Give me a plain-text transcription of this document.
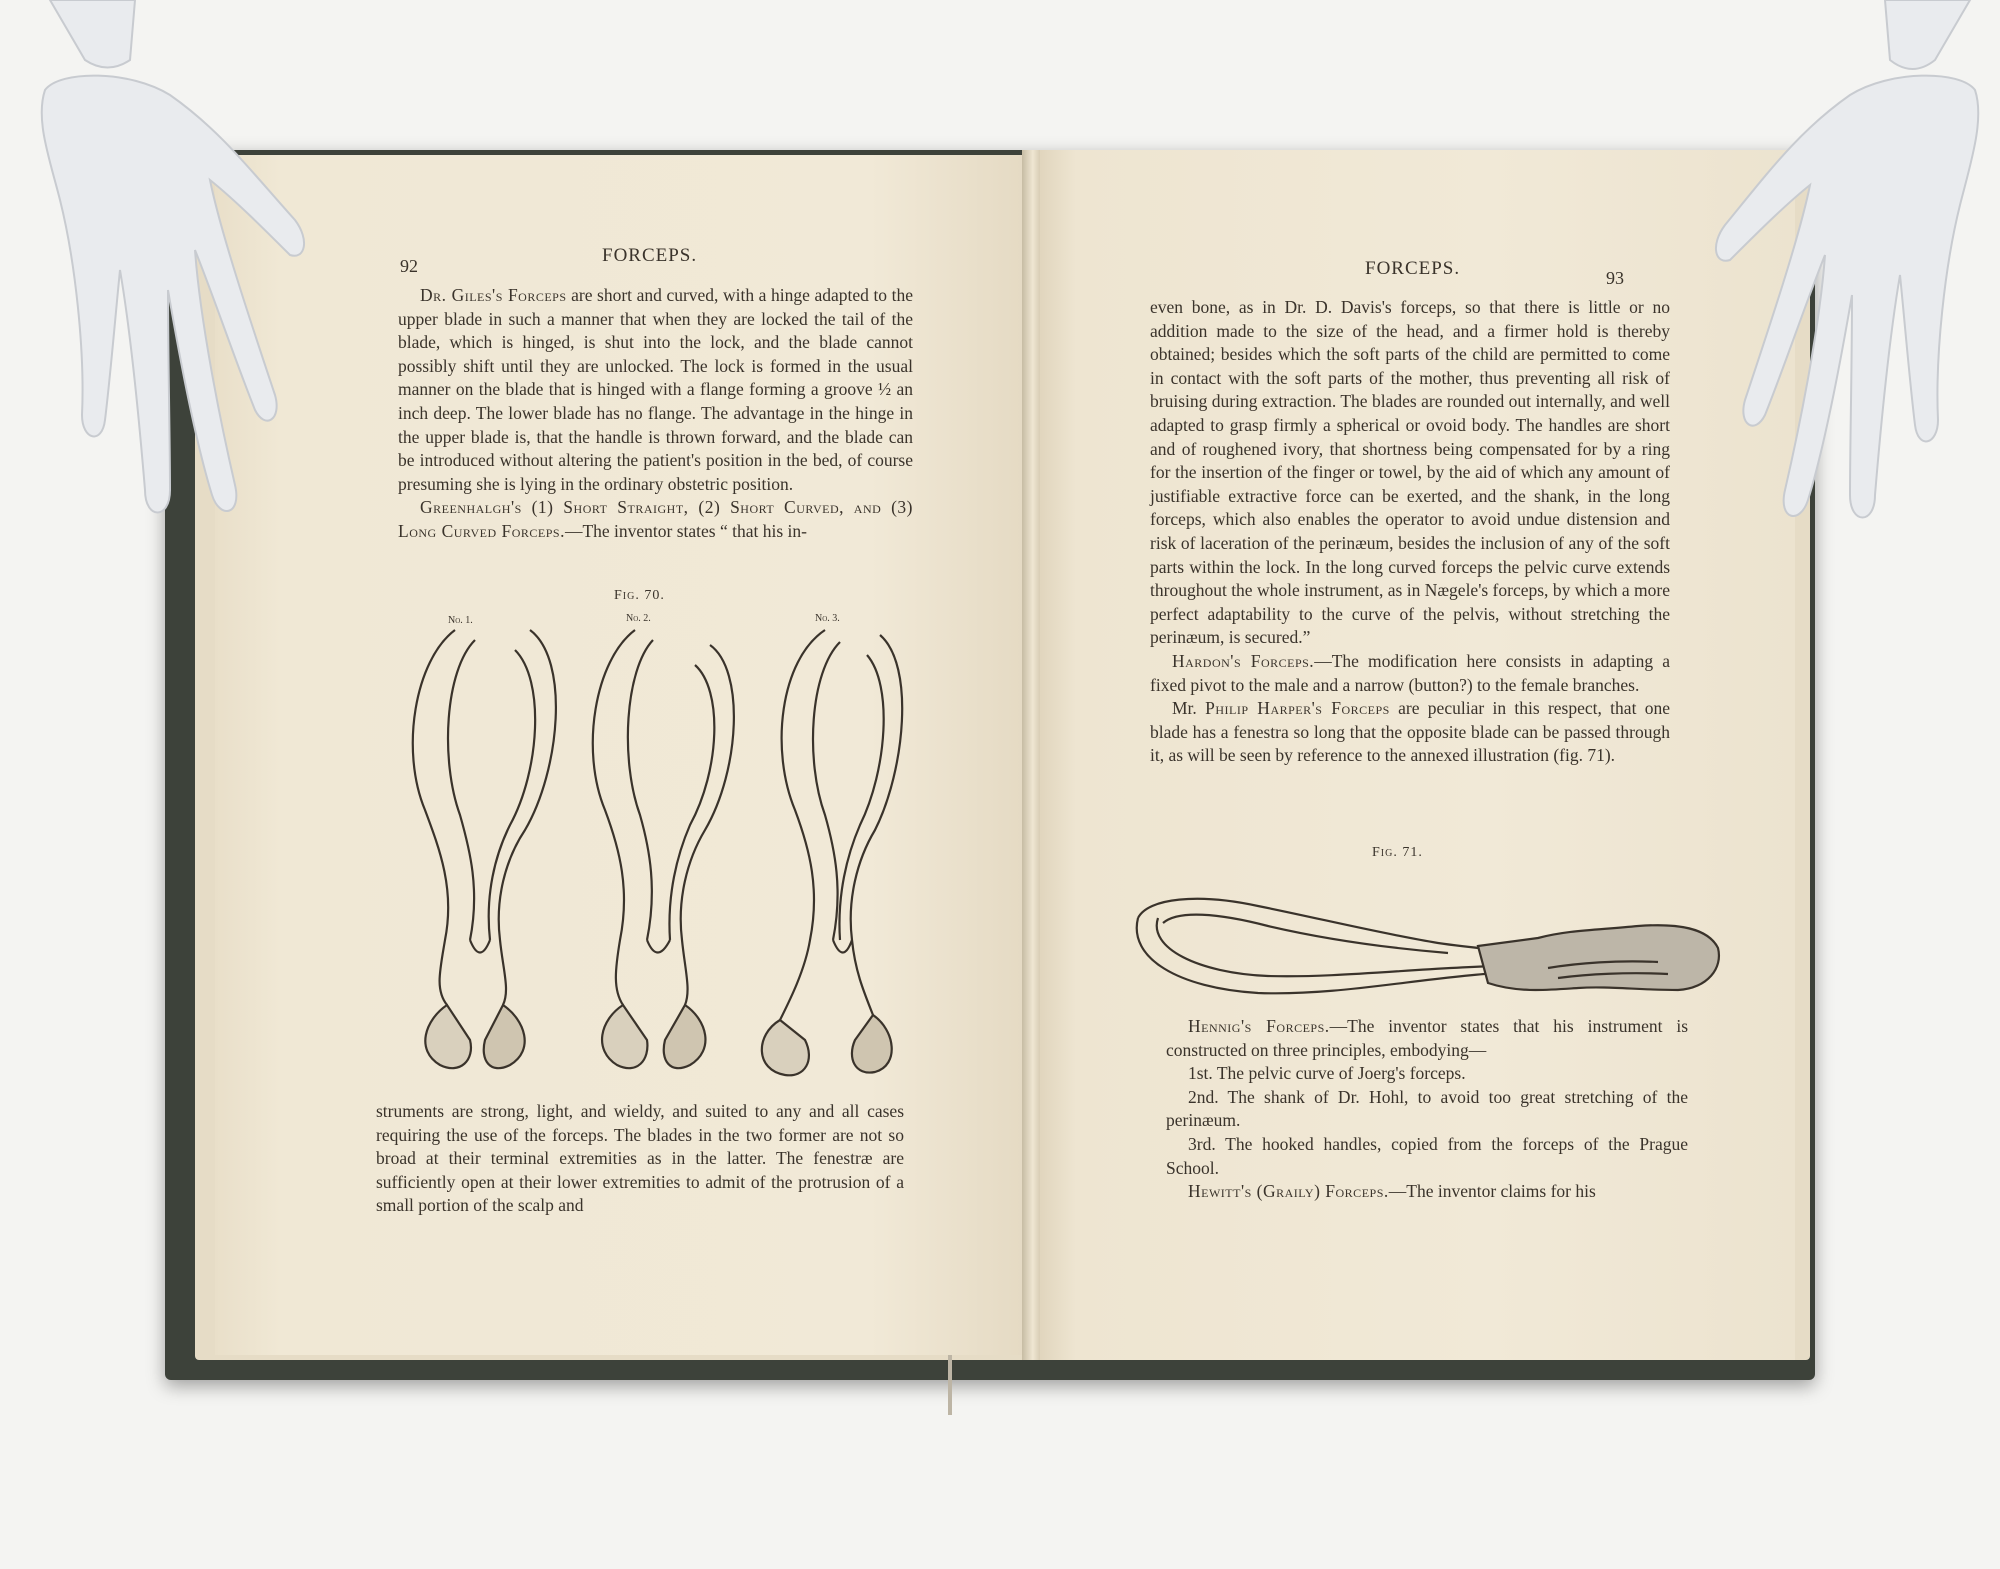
92	FORCEPS.

Dr. Giles's Forceps are short and curved, with a hinge adapted to the upper blade in such a manner that when they are locked the tail of the blade, which is hinged, is shut into the lock, and the blade cannot possibly shift until they are unlocked. The lock is formed in the usual manner on the blade that is hinged with a flange forming a groove ½ an inch deep. The lower blade has no flange. The advantage in the hinge in the upper blade is, that the handle is thrown forward, and the blade can be introduced without altering the patient's position in the bed, of course presuming she is lying in the ordinary obstetric position.

Greenhalgh's (1) Short Straight, (2) Short Curved, and (3) Long Curved Forceps.—The inventor states “ that his in-

Fig. 70.
No. 1.	No. 2.	No. 3.

struments are strong, light, and wieldy, and suited to any and all cases requiring the use of the forceps. The blades in the two former are not so broad at their terminal extremities as in the latter. The fenestræ are sufficiently open at their lower extremities to admit of the protrusion of a small portion of the scalp and

FORCEPS.	93

even bone, as in Dr. D. Davis's forceps, so that there is little or no addition made to the size of the head, and a firmer hold is thereby obtained; besides which the soft parts of the child are permitted to come in contact with the soft parts of the mother, thus preventing all risk of bruising during extraction. The blades are rounded out internally, and well adapted to grasp firmly a spherical or ovoid body. The handles are short and of roughened ivory, that shortness being compensated for by a ring for the insertion of the finger or towel, by the aid of which any amount of justifiable extractive force can be exerted, and the shank, in the long forceps, which also enables the operator to avoid undue distension and risk of laceration of the perinæum, besides the inclusion of any of the soft parts within the lock. In the long curved forceps the pelvic curve extends throughout the whole instrument, as in Nægele's forceps, by which a more perfect adaptability to the curve of the pelvis, without stretching the perinæum, is secured.”

Hardon's Forceps.—The modification here consists in adapting a fixed pivot to the male and a narrow (button?) to the female branches.

Mr. Philip Harper's Forceps are peculiar in this respect, that one blade has a fenestra so long that the opposite blade can be passed through it, as will be seen by reference to the annexed illustration (fig. 71).

Fig. 71.

Hennig's Forceps.—The inventor states that his instrument is constructed on three principles, embodying—

1st. The pelvic curve of Joerg's forceps.

2nd. The shank of Dr. Hohl, to avoid too great stretching of the perinæum.

3rd. The hooked handles, copied from the forceps of the Prague School.

Hewitt's (Graily) Forceps.—The inventor claims for his
